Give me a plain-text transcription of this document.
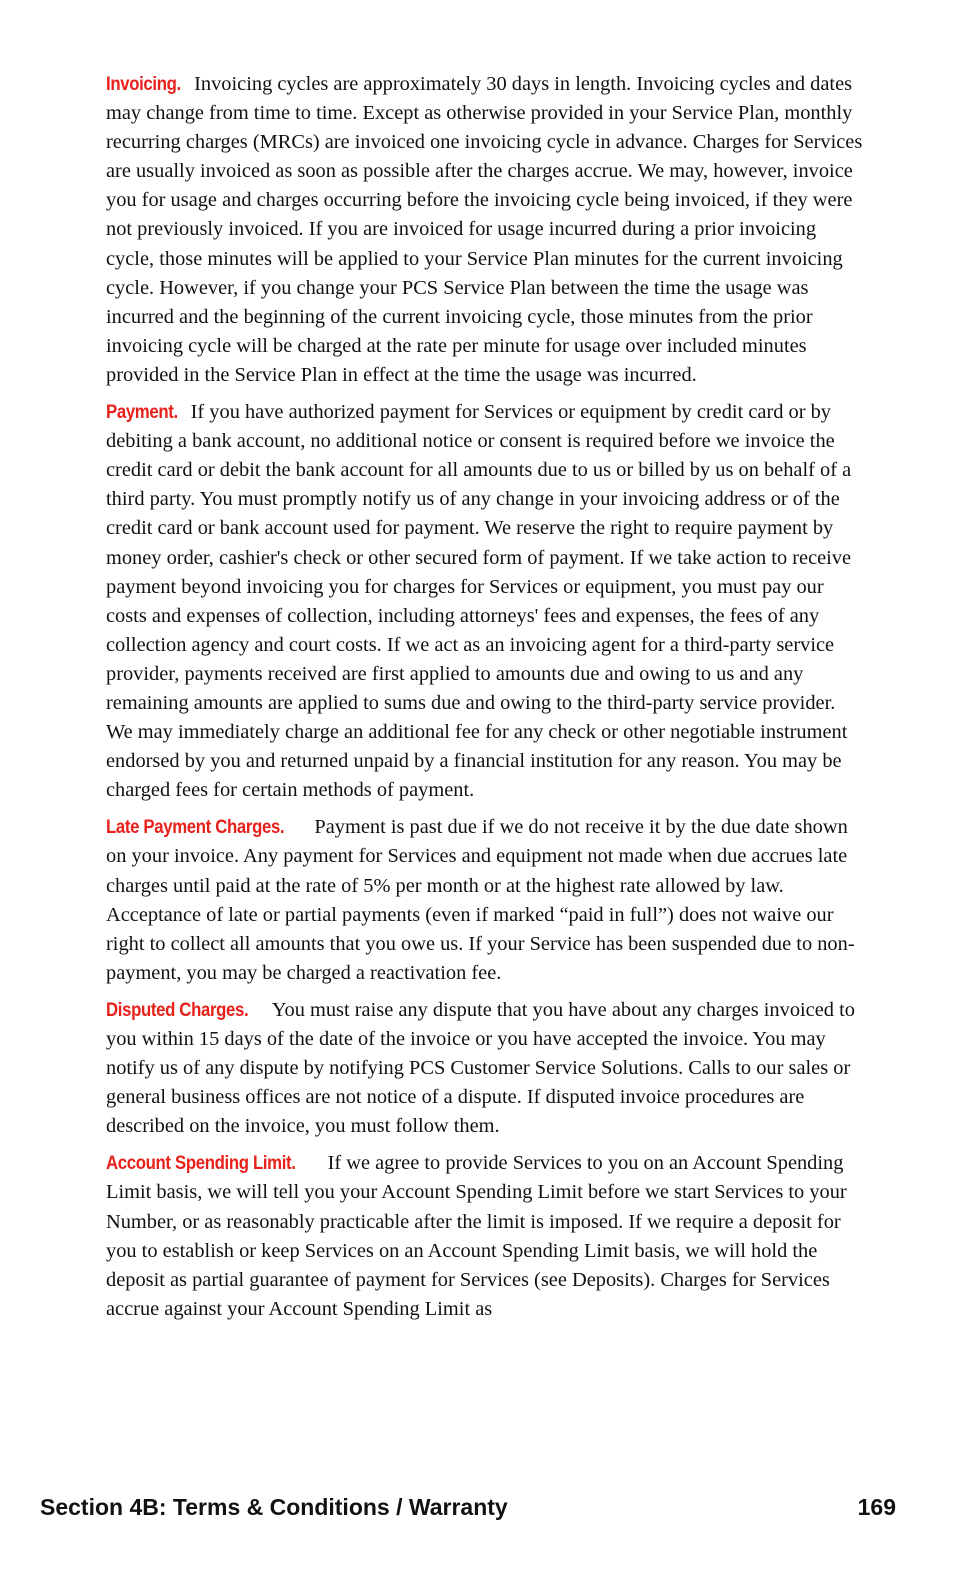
Invoicing. Invoicing cycles are approximately 30 days in length. Invoicing cycles and dates may change from time to time. Except as otherwise provided in your Service Plan, monthly recurring charges (MRCs) are invoiced one invoicing cycle in advance. Charges for Services are usually invoiced as soon as possible after the charges accrue. We may, however, invoice you for usage and charges occurring before the invoicing cycle being invoiced, if they were not previously invoiced. If you are invoiced for usage incurred during a prior invoicing cycle, those minutes will be applied to your Service Plan minutes for the current invoicing cycle. However, if you change your PCS Service Plan between the time the usage was incurred and the beginning of the current invoicing cycle, those minutes from the prior invoicing cycle will be charged at the rate per minute for usage over included minutes provided in the Service Plan in effect at the time the usage was incurred.

Payment. If you have authorized payment for Services or equipment by credit card or by debiting a bank account, no additional notice or consent is required before we invoice the credit card or debit the bank account for all amounts due to us or billed by us on behalf of a third party. You must promptly notify us of any change in your invoicing address or of the credit card or bank account used for payment. We reserve the right to require payment by money order, cashier's check or other secured form of payment. If we take action to receive payment beyond invoicing you for charges for Services or equipment, you must pay our costs and expenses of collection, including attorneys' fees and expenses, the fees of any collection agency and court costs. If we act as an invoicing agent for a third-party service provider, payments received are first applied to amounts due and owing to us and any remaining amounts are applied to sums due and owing to the third-party service provider. We may immediately charge an additional fee for any check or other negotiable instrument endorsed by you and returned unpaid by a financial institution for any reason. You may be charged fees for certain methods of payment.

Late Payment Charges. Payment is past due if we do not receive it by the due date shown on your invoice. Any payment for Services and equipment not made when due accrues late charges until paid at the rate of 5% per month or at the highest rate allowed by law. Acceptance of late or partial payments (even if marked “paid in full”) does not waive our right to collect all amounts that you owe us. If your Service has been suspended due to non-payment, you may be charged a reactivation fee.

Disputed Charges. You must raise any dispute that you have about any charges invoiced to you within 15 days of the date of the invoice or you have accepted the invoice. You may notify us of any dispute by notifying PCS Customer Service Solutions. Calls to our sales or general business offices are not notice of a dispute. If disputed invoice procedures are described on the invoice, you must follow them.

Account Spending Limit. If we agree to provide Services to you on an Account Spending Limit basis, we will tell you your Account Spending Limit before we start Services to your Number, or as reasonably practicable after the limit is imposed. If we require a deposit for you to establish or keep Services on an Account Spending Limit basis, we will hold the deposit as partial guarantee of payment for Services (see Deposits). Charges for Services accrue against your Account Spending Limit as

Section 4B: Terms & Conditions / Warranty	169
